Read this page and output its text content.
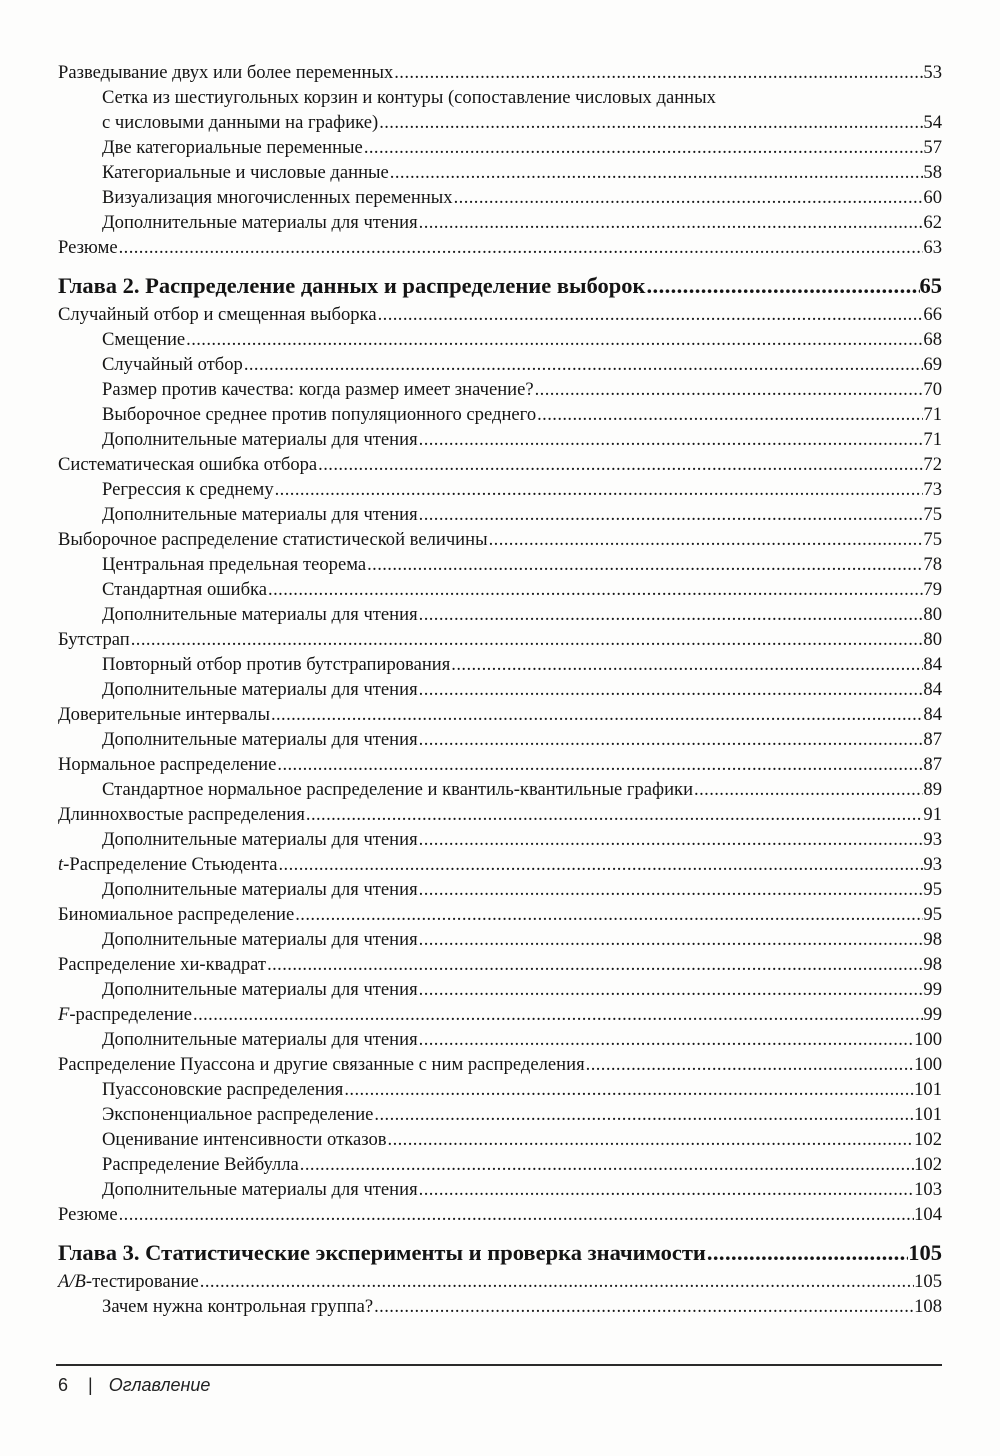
Разведывание двух или более переменных .....	53
Сетка из шестиугольных корзин и контуры (сопоставление числовых данных
с числовыми данными на графике) .....	54
Две категориальные переменные .....	57
Категориальные и числовые данные .....	58
Визуализация многочисленных переменных .....	60
Дополнительные материалы для чтения .....	62
Резюме .....	63
Глава 2. Распределение данных и распределение выборок .....	65
Случайный отбор и смещенная выборка .....	66
Смещение .....	68
Случайный отбор .....	69
Размер против качества: когда размер имеет значение? .....	70
Выборочное среднее против популяционного среднего .....	71
Дополнительные материалы для чтения .....	71
Систематическая ошибка отбора .....	72
Регрессия к среднему .....	73
Дополнительные материалы для чтения .....	75
Выборочное распределение статистической величины .....	75
Центральная предельная теорема .....	78
Стандартная ошибка .....	79
Дополнительные материалы для чтения .....	80
Бутстрап .....	80
Повторный отбор против бутстрапирования .....	84
Дополнительные материалы для чтения .....	84
Доверительные интервалы .....	84
Дополнительные материалы для чтения .....	87
Нормальное распределение .....	87
Стандартное нормальное распределение и квантиль-квантильные графики .....	89
Длиннохвостые распределения .....	91
Дополнительные материалы для чтения .....	93
t-Распределение Стьюдента .....	93
Дополнительные материалы для чтения .....	95
Биномиальное распределение .....	95
Дополнительные материалы для чтения .....	98
Распределение хи-квадрат .....	98
Дополнительные материалы для чтения .....	99
F-распределение .....	99
Дополнительные материалы для чтения .....	100
Распределение Пуассона и другие связанные с ним распределения .....	100
Пуассоновские распределения .....	101
Экспоненциальное распределение .....	101
Оценивание интенсивности отказов .....	102
Распределение Вейбулла .....	102
Дополнительные материалы для чтения .....	103
Резюме .....	104
Глава 3. Статистические эксперименты и проверка значимости .....	105
A/B-тестирование .....	105
Зачем нужна контрольная группа? .....	108
6 | Оглавление
